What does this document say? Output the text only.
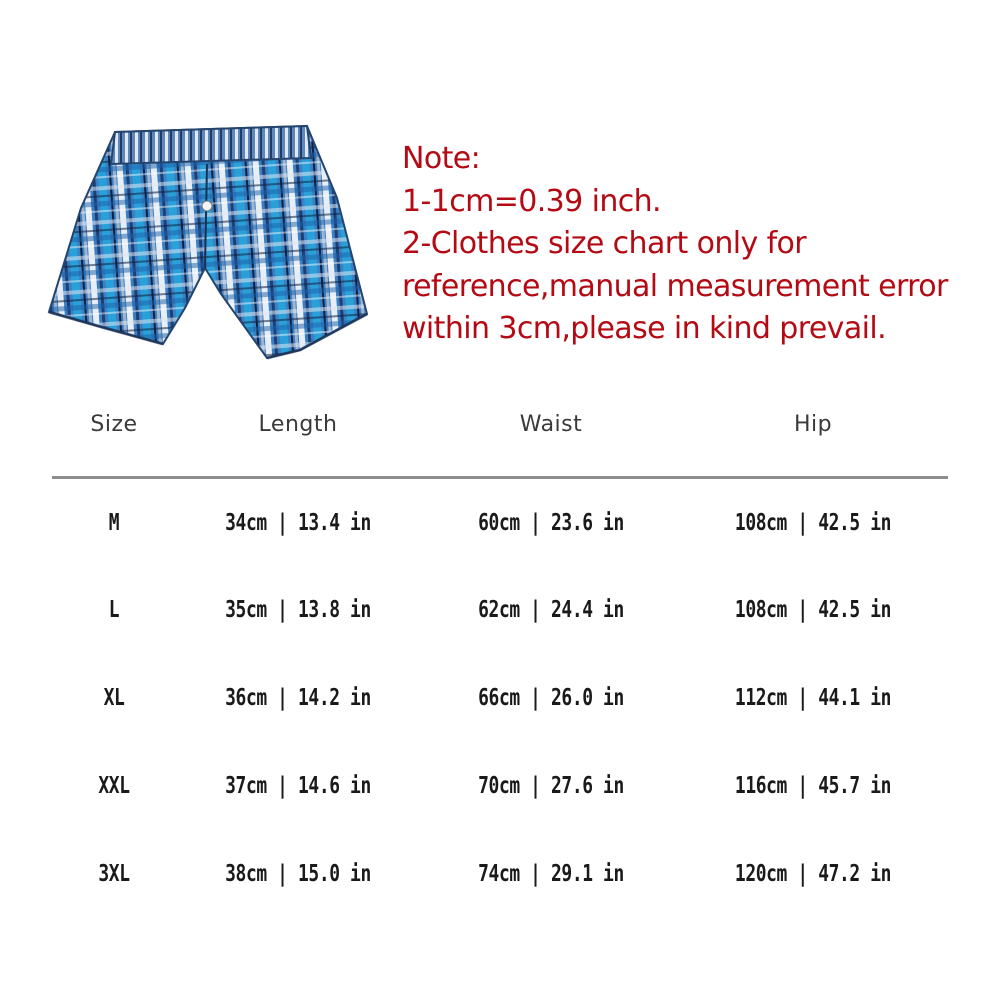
Note:
1-1cm=0.39 inch.
2-Clothes size chart only for
reference,manual measurement error
within 3cm,please in kind prevail.
Size	Length	Waist	Hip
M	34cm | 13.4 in	60cm | 23.6 in	108cm | 42.5 in
L	35cm | 13.8 in	62cm | 24.4 in	108cm | 42.5 in
XL	36cm | 14.2 in	66cm | 26.0 in	112cm | 44.1 in
XXL	37cm | 14.6 in	70cm | 27.6 in	116cm | 45.7 in
3XL	38cm | 15.0 in	74cm | 29.1 in	120cm | 47.2 in
